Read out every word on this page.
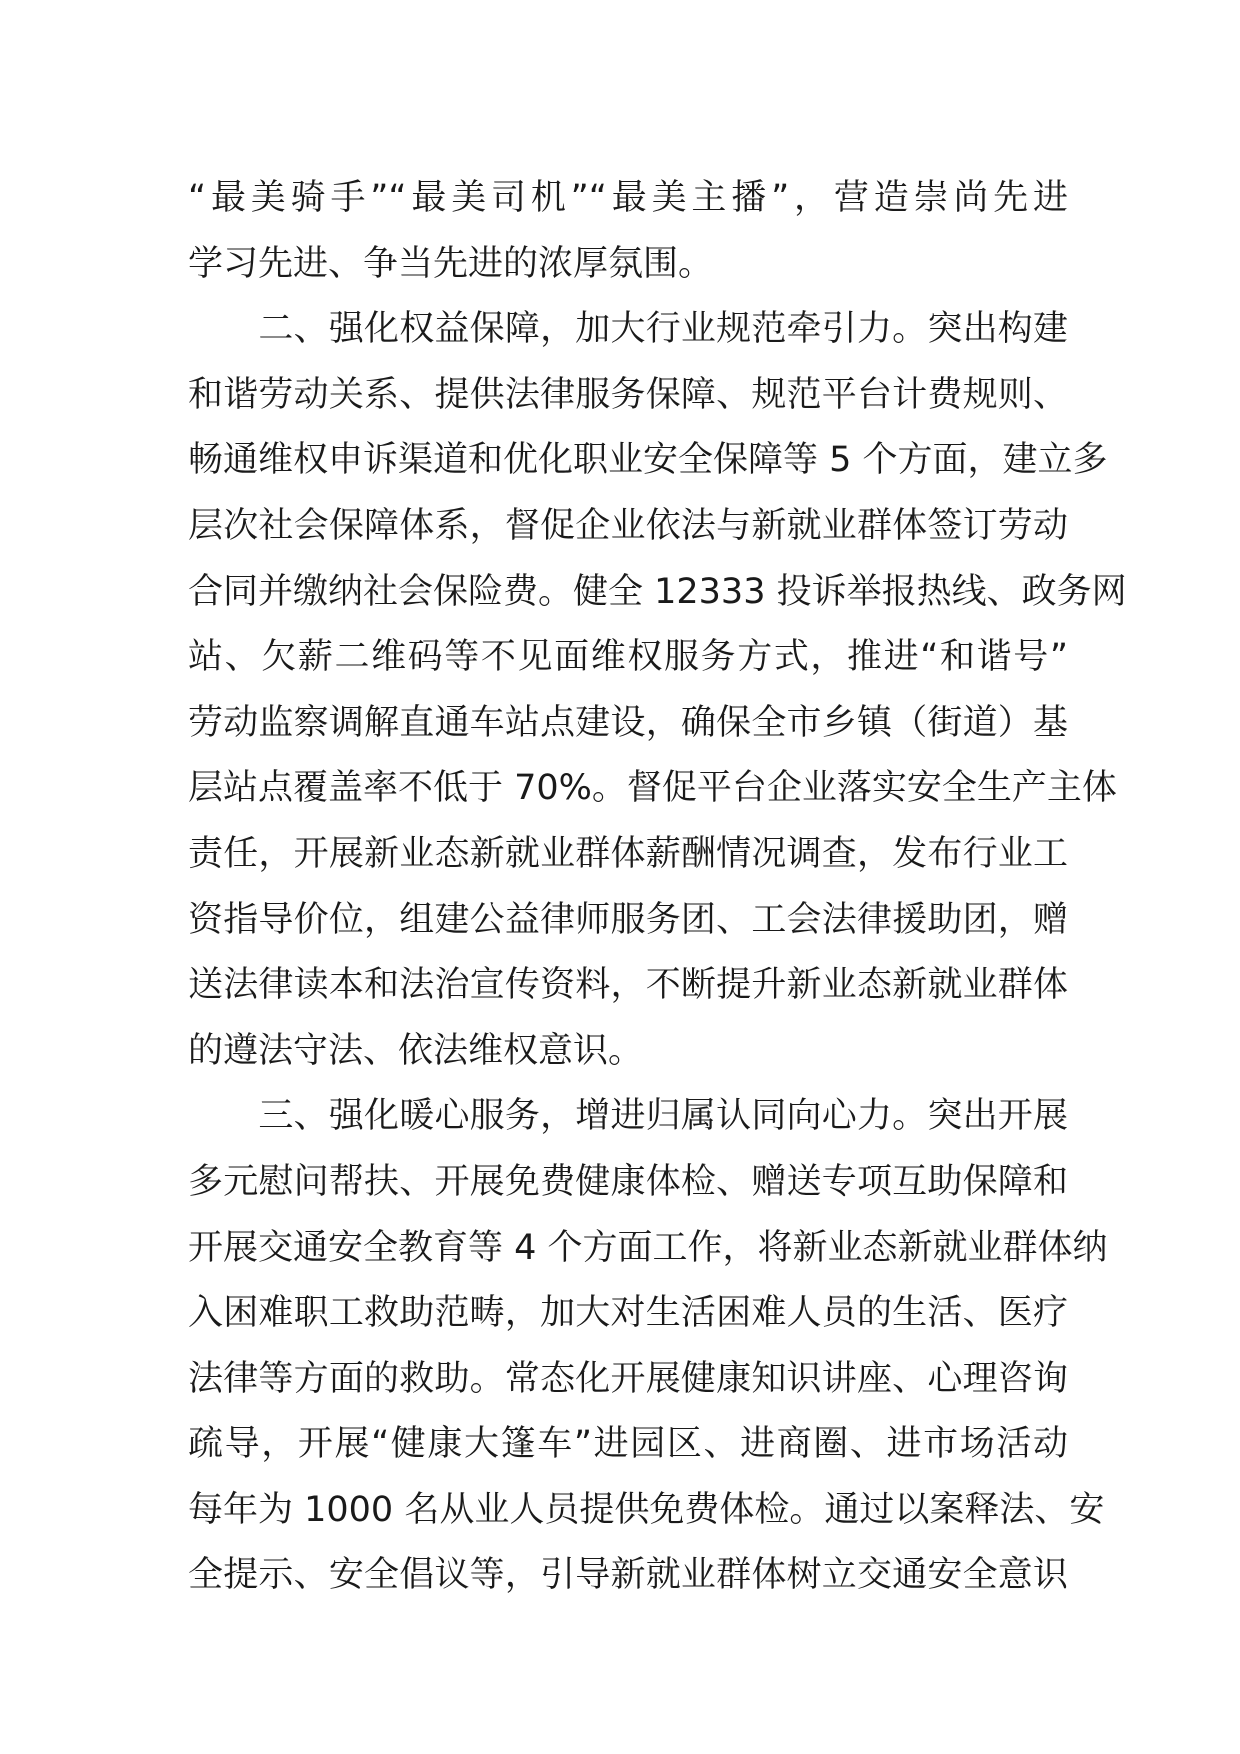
“最美骑手”“最美司机”“最美主播”，营造崇尚先进
学习先进、争当先进的浓厚氛围。
　　二、强化权益保障，加大行业规范牵引力。突出构建
和谐劳动关系、提供法律服务保障、规范平台计费规则、
畅通维权申诉渠道和优化职业安全保障等 5 个方面，建立多
层次社会保障体系，督促企业依法与新就业群体签订劳动
合同并缴纳社会保险费。健全 12333 投诉举报热线、政务网
站、欠薪二维码等不见面维权服务方式，推进“和谐号”
劳动监察调解直通车站点建设，确保全市乡镇（街道）基
层站点覆盖率不低于 70%。督促平台企业落实安全生产主体
责任，开展新业态新就业群体薪酬情况调查，发布行业工
资指导价位，组建公益律师服务团、工会法律援助团，赠
送法律读本和法治宣传资料，不断提升新业态新就业群体
的遵法守法、依法维权意识。
　　三、强化暖心服务，增进归属认同向心力。突出开展
多元慰问帮扶、开展免费健康体检、赠送专项互助保障和
开展交通安全教育等 4 个方面工作，将新业态新就业群体纳
入困难职工救助范畴，加大对生活困难人员的生活、医疗
法律等方面的救助。常态化开展健康知识讲座、心理咨询
疏导，开展“健康大篷车”进园区、进商圈、进市场活动
每年为 1000 名从业人员提供免费体检。通过以案释法、安
全提示、安全倡议等，引导新就业群体树立交通安全意识
